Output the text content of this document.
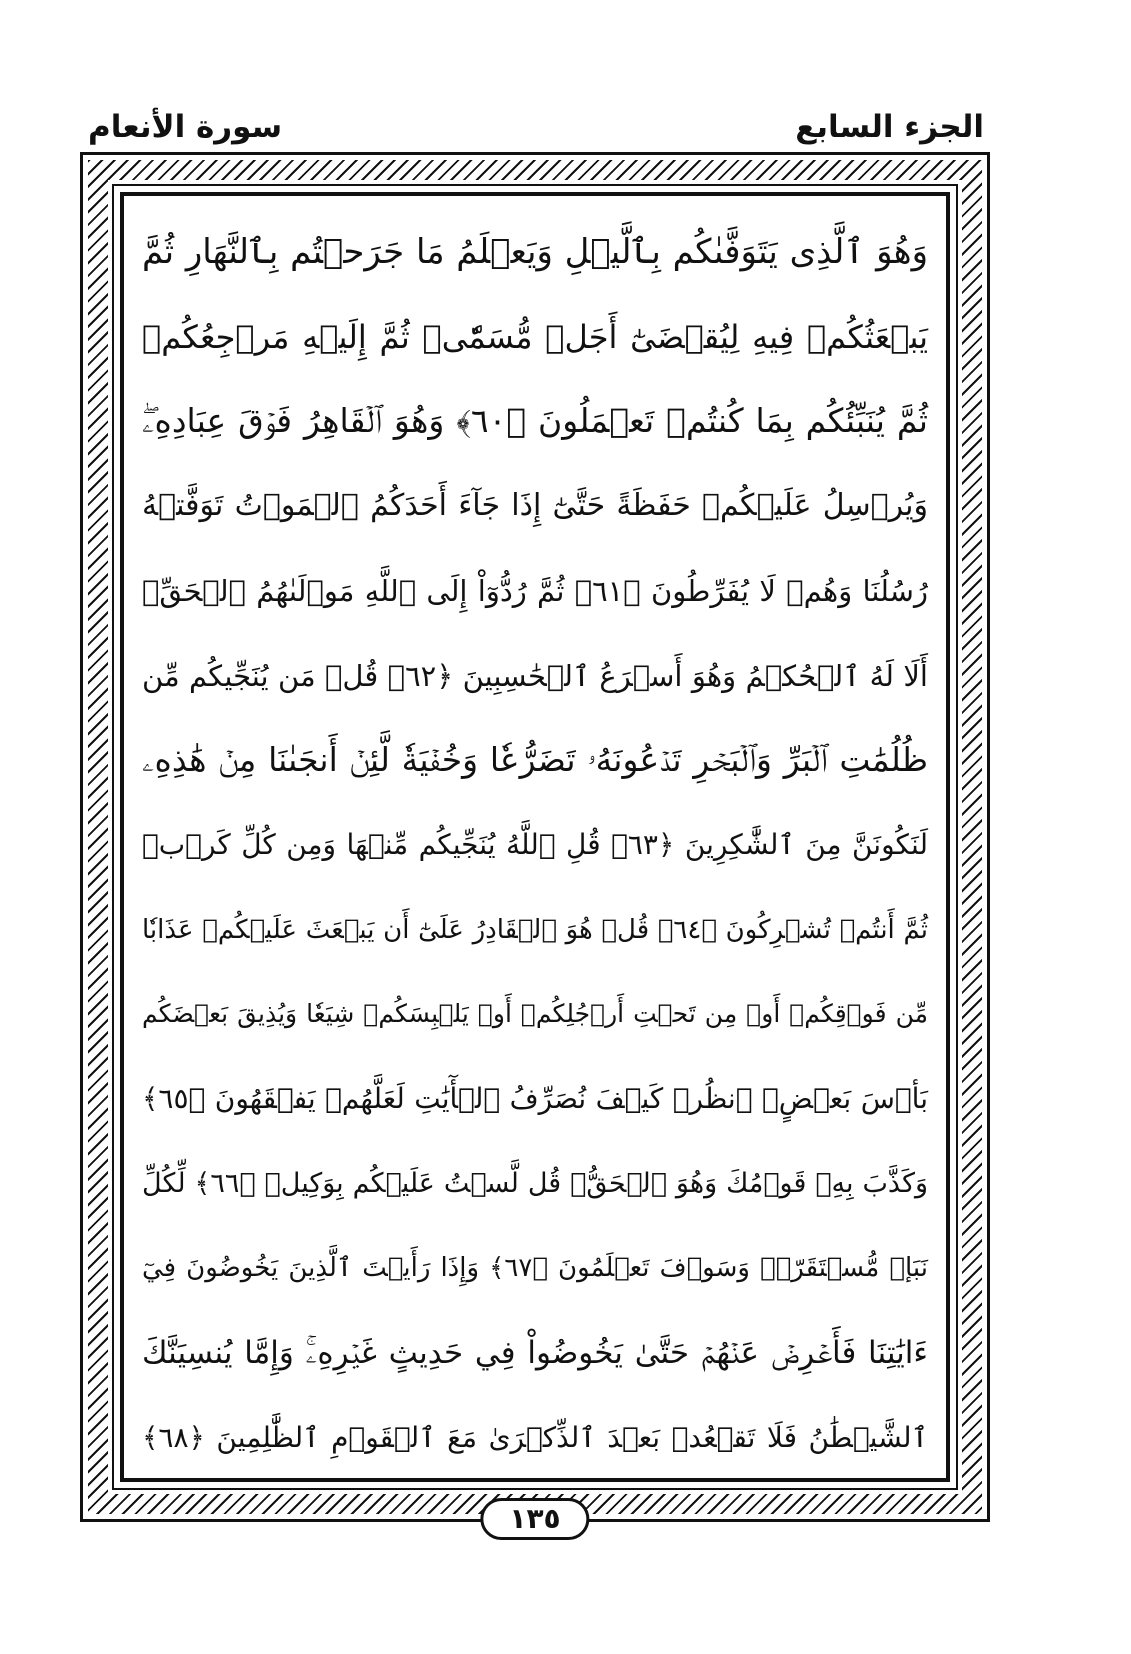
الجزء السابع
سورة الأنعام
وَهُوَ ٱلَّذِى يَتَوَفَّىٰكُم بِٱلَّيۡلِ وَيَعۡلَمُ مَا جَرَحۡتُم بِٱلنَّهَارِ ثُمَّ
يَبۡعَثُكُمۡ فِيهِ لِيُقۡضَىٰٓ أَجَلٞ مُّسَمّٗىۖ ثُمَّ إِلَيۡهِ مَرۡجِعُكُمۡ
ثُمَّ يُنَبِّئُكُم بِمَا كُنتُمۡ تَعۡمَلُونَ ﴿٦٠﴾ وَهُوَ ٱلۡقَاهِرُ فَوۡقَ عِبَادِهِۦۖ
وَيُرۡسِلُ عَلَيۡكُمۡ حَفَظَةً حَتَّىٰٓ إِذَا جَآءَ أَحَدَكُمُ ٱلۡمَوۡتُ تَوَفَّتۡهُ
رُسُلُنَا وَهُمۡ لَا يُفَرِّطُونَ ﴿٦١﴾ ثُمَّ رُدُّوٓاْ إِلَى ٱللَّهِ مَوۡلَىٰهُمُ ٱلۡحَقِّۚ
أَلَا لَهُ ٱلۡحُكۡمُ وَهُوَ أَسۡرَعُ ٱلۡحَٰسِبِينَ ﴿٦٢﴾ قُلۡ مَن يُنَجِّيكُم مِّن
ظُلُمَٰتِ ٱلۡبَرِّ وَٱلۡبَحۡرِ تَدۡعُونَهُۥ تَضَرُّعٗا وَخُفۡيَةٗ لَّئِنۡ أَنجَىٰنَا مِنۡ هَٰذِهِۦ
لَنَكُونَنَّ مِنَ ٱلشَّٰكِرِينَ ﴿٦٣﴾ قُلِ ٱللَّهُ يُنَجِّيكُم مِّنۡهَا وَمِن كُلِّ كَرۡبٖ
ثُمَّ أَنتُمۡ تُشۡرِكُونَ ﴿٦٤﴾ قُلۡ هُوَ ٱلۡقَادِرُ عَلَىٰٓ أَن يَبۡعَثَ عَلَيۡكُمۡ عَذَابٗا
مِّن فَوۡقِكُمۡ أَوۡ مِن تَحۡتِ أَرۡجُلِكُمۡ أَوۡ يَلۡبِسَكُمۡ شِيَعٗا وَيُذِيقَ بَعۡضَكُم
بَأۡسَ بَعۡضٍۗ ٱنظُرۡ كَيۡفَ نُصَرِّفُ ٱلۡأٓيَٰتِ لَعَلَّهُمۡ يَفۡقَهُونَ ﴿٦٥﴾
وَكَذَّبَ بِهِۦ قَوۡمُكَ وَهُوَ ٱلۡحَقُّۚ قُل لَّسۡتُ عَلَيۡكُم بِوَكِيلٖ ﴿٦٦﴾ لِّكُلِّ
نَبَإٖ مُّسۡتَقَرّٞۚ وَسَوۡفَ تَعۡلَمُونَ ﴿٦٧﴾ وَإِذَا رَأَيۡتَ ٱلَّذِينَ يَخُوضُونَ فِيٓ
ءَايَٰتِنَا فَأَعۡرِضۡ عَنۡهُمۡ حَتَّىٰ يَخُوضُواْ فِي حَدِيثٍ غَيۡرِهِۦۚ وَإِمَّا يُنسِيَنَّكَ
ٱلشَّيۡطَٰنُ فَلَا تَقۡعُدۡ بَعۡدَ ٱلذِّكۡرَىٰ مَعَ ٱلۡقَوۡمِ ٱلظَّٰلِمِينَ ﴿٦٨﴾
١٣٥
